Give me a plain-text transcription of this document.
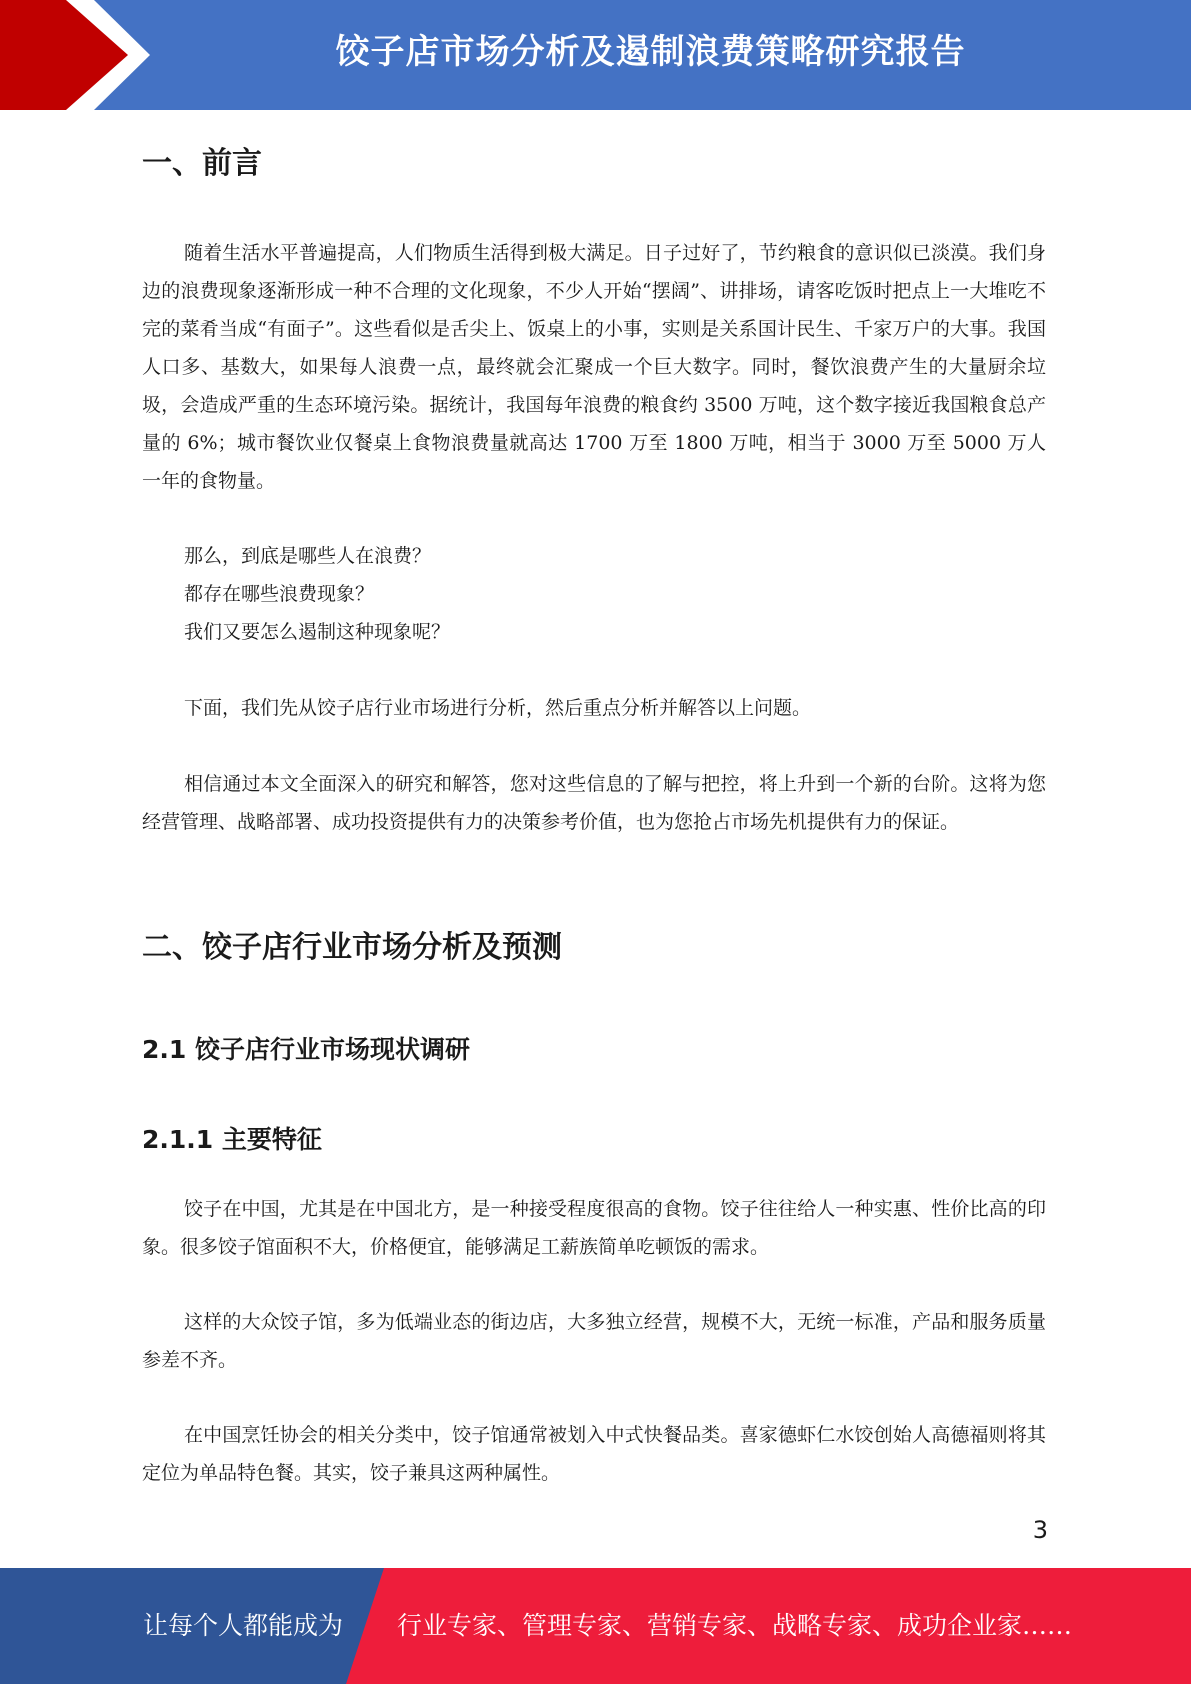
饺子店市场分析及遏制浪费策略研究报告
一、前言

随着生活水平普遍提高，人们物质生活得到极大满足。日子过好了，节约粮食的意识似已淡漠。我们身边的浪费现象逐渐形成一种不合理的文化现象，不少人开始“摆阔”、讲排场，请客吃饭时把点上一大堆吃不完的菜肴当成“有面子”。这些看似是舌尖上、饭桌上的小事，实则是关系国计民生、千家万户的大事。我国人口多、基数大，如果每人浪费一点，最终就会汇聚成一个巨大数字。同时，餐饮浪费产生的大量厨余垃圾，会造成严重的生态环境污染。据统计，我国每年浪费的粮食约 3500 万吨，这个数字接近我国粮食总产量的 6%；城市餐饮业仅餐桌上食物浪费量就高达 1700 万至 1800 万吨，相当于 3000 万至 5000 万人一年的食物量。

那么，到底是哪些人在浪费？

都存在哪些浪费现象？

我们又要怎么遏制这种现象呢？

下面，我们先从饺子店行业市场进行分析，然后重点分析并解答以上问题。

相信通过本文全面深入的研究和解答，您对这些信息的了解与把控，将上升到一个新的台阶。这将为您经营管理、战略部署、成功投资提供有力的决策参考价值，也为您抢占市场先机提供有力的保证。

二、饺子店行业市场分析及预测
2.1 饺子店行业市场现状调研
2.1.1 主要特征

饺子在中国，尤其是在中国北方，是一种接受程度很高的食物。饺子往往给人一种实惠、性价比高的印象。很多饺子馆面积不大，价格便宜，能够满足工薪族简单吃顿饭的需求。

这样的大众饺子馆，多为低端业态的街边店，大多独立经营，规模不大，无统一标准，产品和服务质量参差不齐。

在中国烹饪协会的相关分类中，饺子馆通常被划入中式快餐品类。喜家德虾仁水饺创始人高德福则将其定位为单品特色餐。其实，饺子兼具这两种属性。

3
让每个人都能成为 行业专家、管理专家、营销专家、战略专家、成功企业家……
